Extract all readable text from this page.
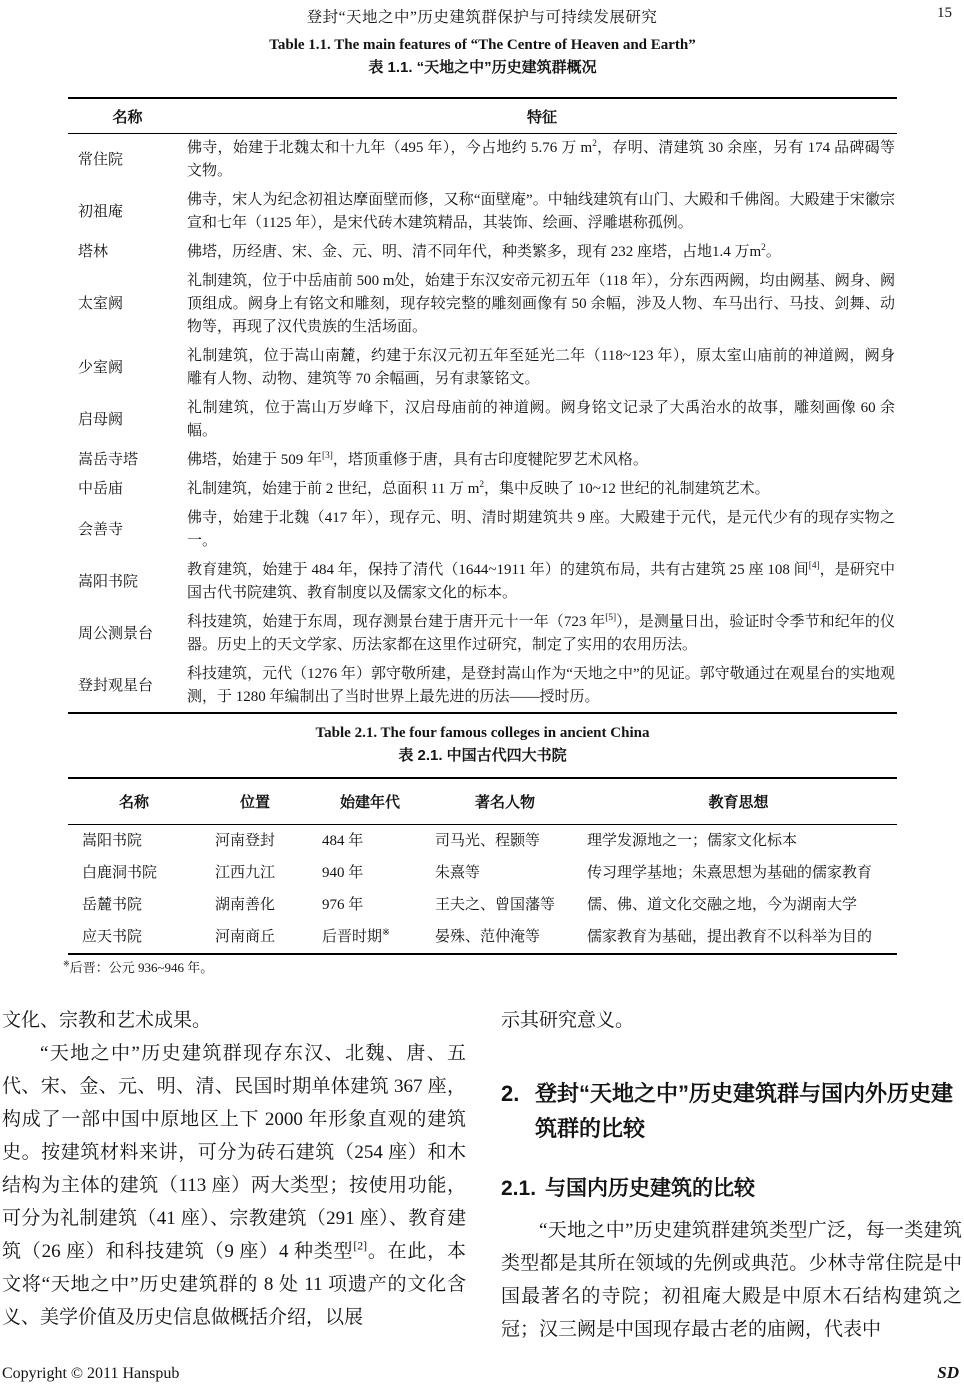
登封“天地之中”历史建筑群保护与可持续发展研究	15
Table 1.1. The main features of “The Centre of Heaven and Earth”
表 1.1. “天地之中”历史建筑群概况
名称	特征
常住院	佛寺，始建于北魏太和十九年（495 年），今占地约 5.76 万 $m^2$，存明、清建筑 30 余座，另有 174 品碑碣等文物。
初祖庵	佛寺，宋人为纪念初祖达摩面壁而修，又称“面壁庵”。中轴线建筑有山门、大殿和千佛阁。大殿建于宋徽宗宣和七年（1125 年），是宋代砖木建筑精品，其装饰、绘画、浮雕堪称孤例。
塔林	佛塔，历经唐、宋、金、元、明、清不同年代，种类繁多，现有 232 座塔，占地1.4 万$m^2$。
太室阙	礼制建筑，位于中岳庙前 500 m处，始建于东汉安帝元初五年（118 年），分东西两阙，均由阙基、阙身、阙顶组成。阙身上有铭文和雕刻，现存较完整的雕刻画像有 50 余幅，涉及人物、车马出行、马技、剑舞、动物等，再现了汉代贵族的生活场面。
少室阙	礼制建筑，位于嵩山南麓，约建于东汉元初五年至延光二年（118~123 年），原太室山庙前的神道阙，阙身雕有人物、动物、建筑等 70 余幅画，另有隶篆铭文。
启母阙	礼制建筑，位于嵩山万岁峰下，汉启母庙前的神道阙。阙身铭文记录了大禹治水的故事，雕刻画像 60 余幅。
嵩岳寺塔	佛塔，始建于 509 年[3]，塔顶重修于唐，具有古印度犍陀罗艺术风格。
中岳庙	礼制建筑，始建于前 2 世纪，总面积 11 万 $m^2$，集中反映了 10~12 世纪的礼制建筑艺术。
会善寺	佛寺，始建于北魏（417 年），现存元、明、清时期建筑共 9 座。大殿建于元代，是元代少有的现存实物之一。
嵩阳书院	教育建筑，始建于 484 年，保持了清代（1644~1911 年）的建筑布局，共有古建筑 25 座 108 间[4]，是研究中国古代书院建筑、教育制度以及儒家文化的标本。
周公测景台	科技建筑，始建于东周，现存测景台建于唐开元十一年（723 年[5]），是测量日出，验证时令季节和纪年的仪器。历史上的天文学家、历法家都在这里作过研究，制定了实用的农用历法。
登封观星台	科技建筑，元代（1276 年）郭守敬所建，是登封嵩山作为“天地之中”的见证。郭守敬通过在观星台的实地观测，于 1280 年编制出了当时世界上最先进的历法——授时历。
Table 2.1. The four famous colleges in ancient China
表 2.1. 中国古代四大书院
名称	位置	始建年代	著名人物	教育思想
嵩阳书院	河南登封	484 年	司马光、程颢等	理学发源地之一；儒家文化标本
白鹿洞书院	江西九江	940 年	朱熹等	传习理学基地；朱熹思想为基础的儒家教育
岳麓书院	湖南善化	976 年	王夫之、曾国藩等	儒、佛、道文化交融之地，今为湖南大学
应天书院	河南商丘	后晋时期※	晏殊、范仲淹等	儒家教育为基础，提出教育不以科举为目的
※后晋：公元 936~946 年。

文化、宗教和艺术成果。

“天地之中”历史建筑群现存东汉、北魏、唐、五代、宋、金、元、明、清、民国时期单体建筑 367 座，构成了一部中国中原地区上下 2000 年形象直观的建筑史。按建筑材料来讲，可分为砖石建筑（254 座）和木结构为主体的建筑（113 座）两大类型；按使用功能，可分为礼制建筑（41 座）、宗教建筑（291 座）、教育建筑（26 座）和科技建筑（9 座）4 种类型[2]。在此，本文将“天地之中”历史建筑群的 8 处 11 项遗产的文化含义、美学价值及历史信息做概括介绍，以展

示其研究意义。

2. 登封“天地之中”历史建筑群与国内外历史建筑群的比较
2.1. 与国内历史建筑的比较

“天地之中”历史建筑群建筑类型广泛，每一类建筑类型都是其所在领域的先例或典范。少林寺常住院是中国最著名的寺院；初祖庵大殿是中原木石结构建筑之冠；汉三阙是中国现存最古老的庙阙，代表中

Copyright © 2011 Hanspub	SD
